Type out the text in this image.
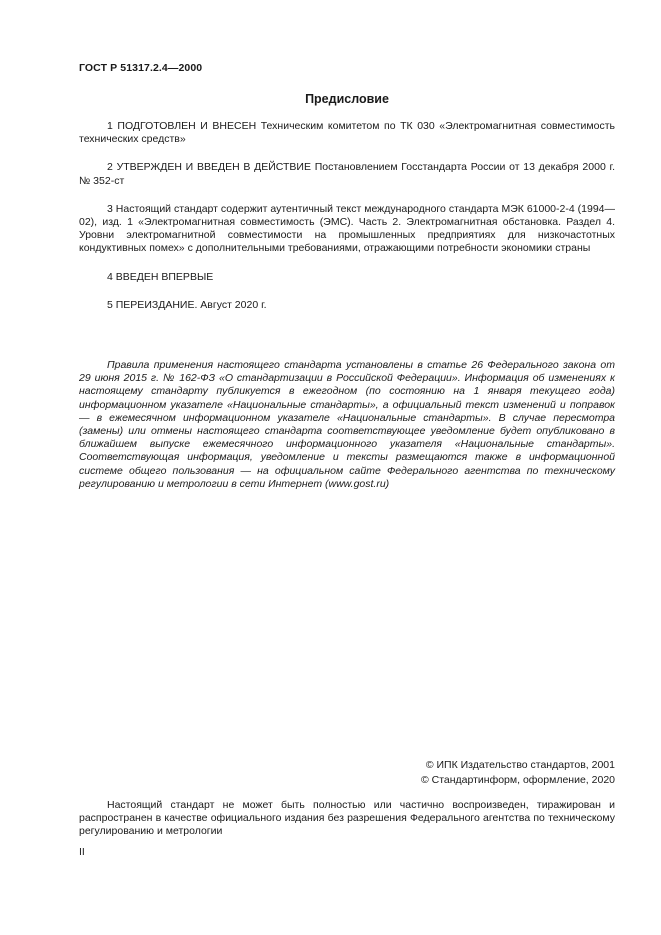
ГОСТ Р 51317.2.4—2000
Предисловие

1 ПОДГОТОВЛЕН И ВНЕСЕН Техническим комитетом по ТК 030 «Электромагнитная совместимость технических средств»

2 УТВЕРЖДЕН И ВВЕДЕН В ДЕЙСТВИЕ Постановлением Госстандарта России от 13 декабря 2000 г. № 352-ст

3 Настоящий стандарт содержит аутентичный текст международного стандарта МЭК 61000-2-4 (1994—02), изд. 1 «Электромагнитная совместимость (ЭМС). Часть 2. Электромагнитная обстановка. Раздел 4. Уровни электромагнитной совместимости на промышленных предприятиях для низкочастотных кондуктивных помех» с дополнительными требованиями, отражающими потребности экономики страны

4 ВВЕДЕН ВПЕРВЫЕ

5 ПЕРЕИЗДАНИЕ. Август 2020 г.

Правила применения настоящего стандарта установлены в статье 26 Федерального закона от 29 июня 2015 г. № 162-ФЗ «О стандартизации в Российской Федерации». Информация об изменениях к настоящему стандарту публикуется в ежегодном (по состоянию на 1 января текущего года) информационном указателе «Национальные стандарты», а официальный текст изменений и поправок — в ежемесячном информационном указателе «Национальные стандарты». В случае пересмотра (замены) или отмены настоящего стандарта соответствующее уведомление будет опубликовано в ближайшем выпуске ежемесячного информационного указателя «Национальные стандарты». Соответствующая информация, уведомление и тексты размещаются также в информационной системе общего пользования — на официальном сайте Федерального агентства по техническому регулированию и метрологии в сети Интернет (www.gost.ru)

© ИПК Издательство стандартов, 2001
© Стандартинформ, оформление, 2020

Настоящий стандарт не может быть полностью или частично воспроизведен, тиражирован и распространен в качестве официального издания без разрешения Федерального агентства по техническому регулированию и метрологии

II
